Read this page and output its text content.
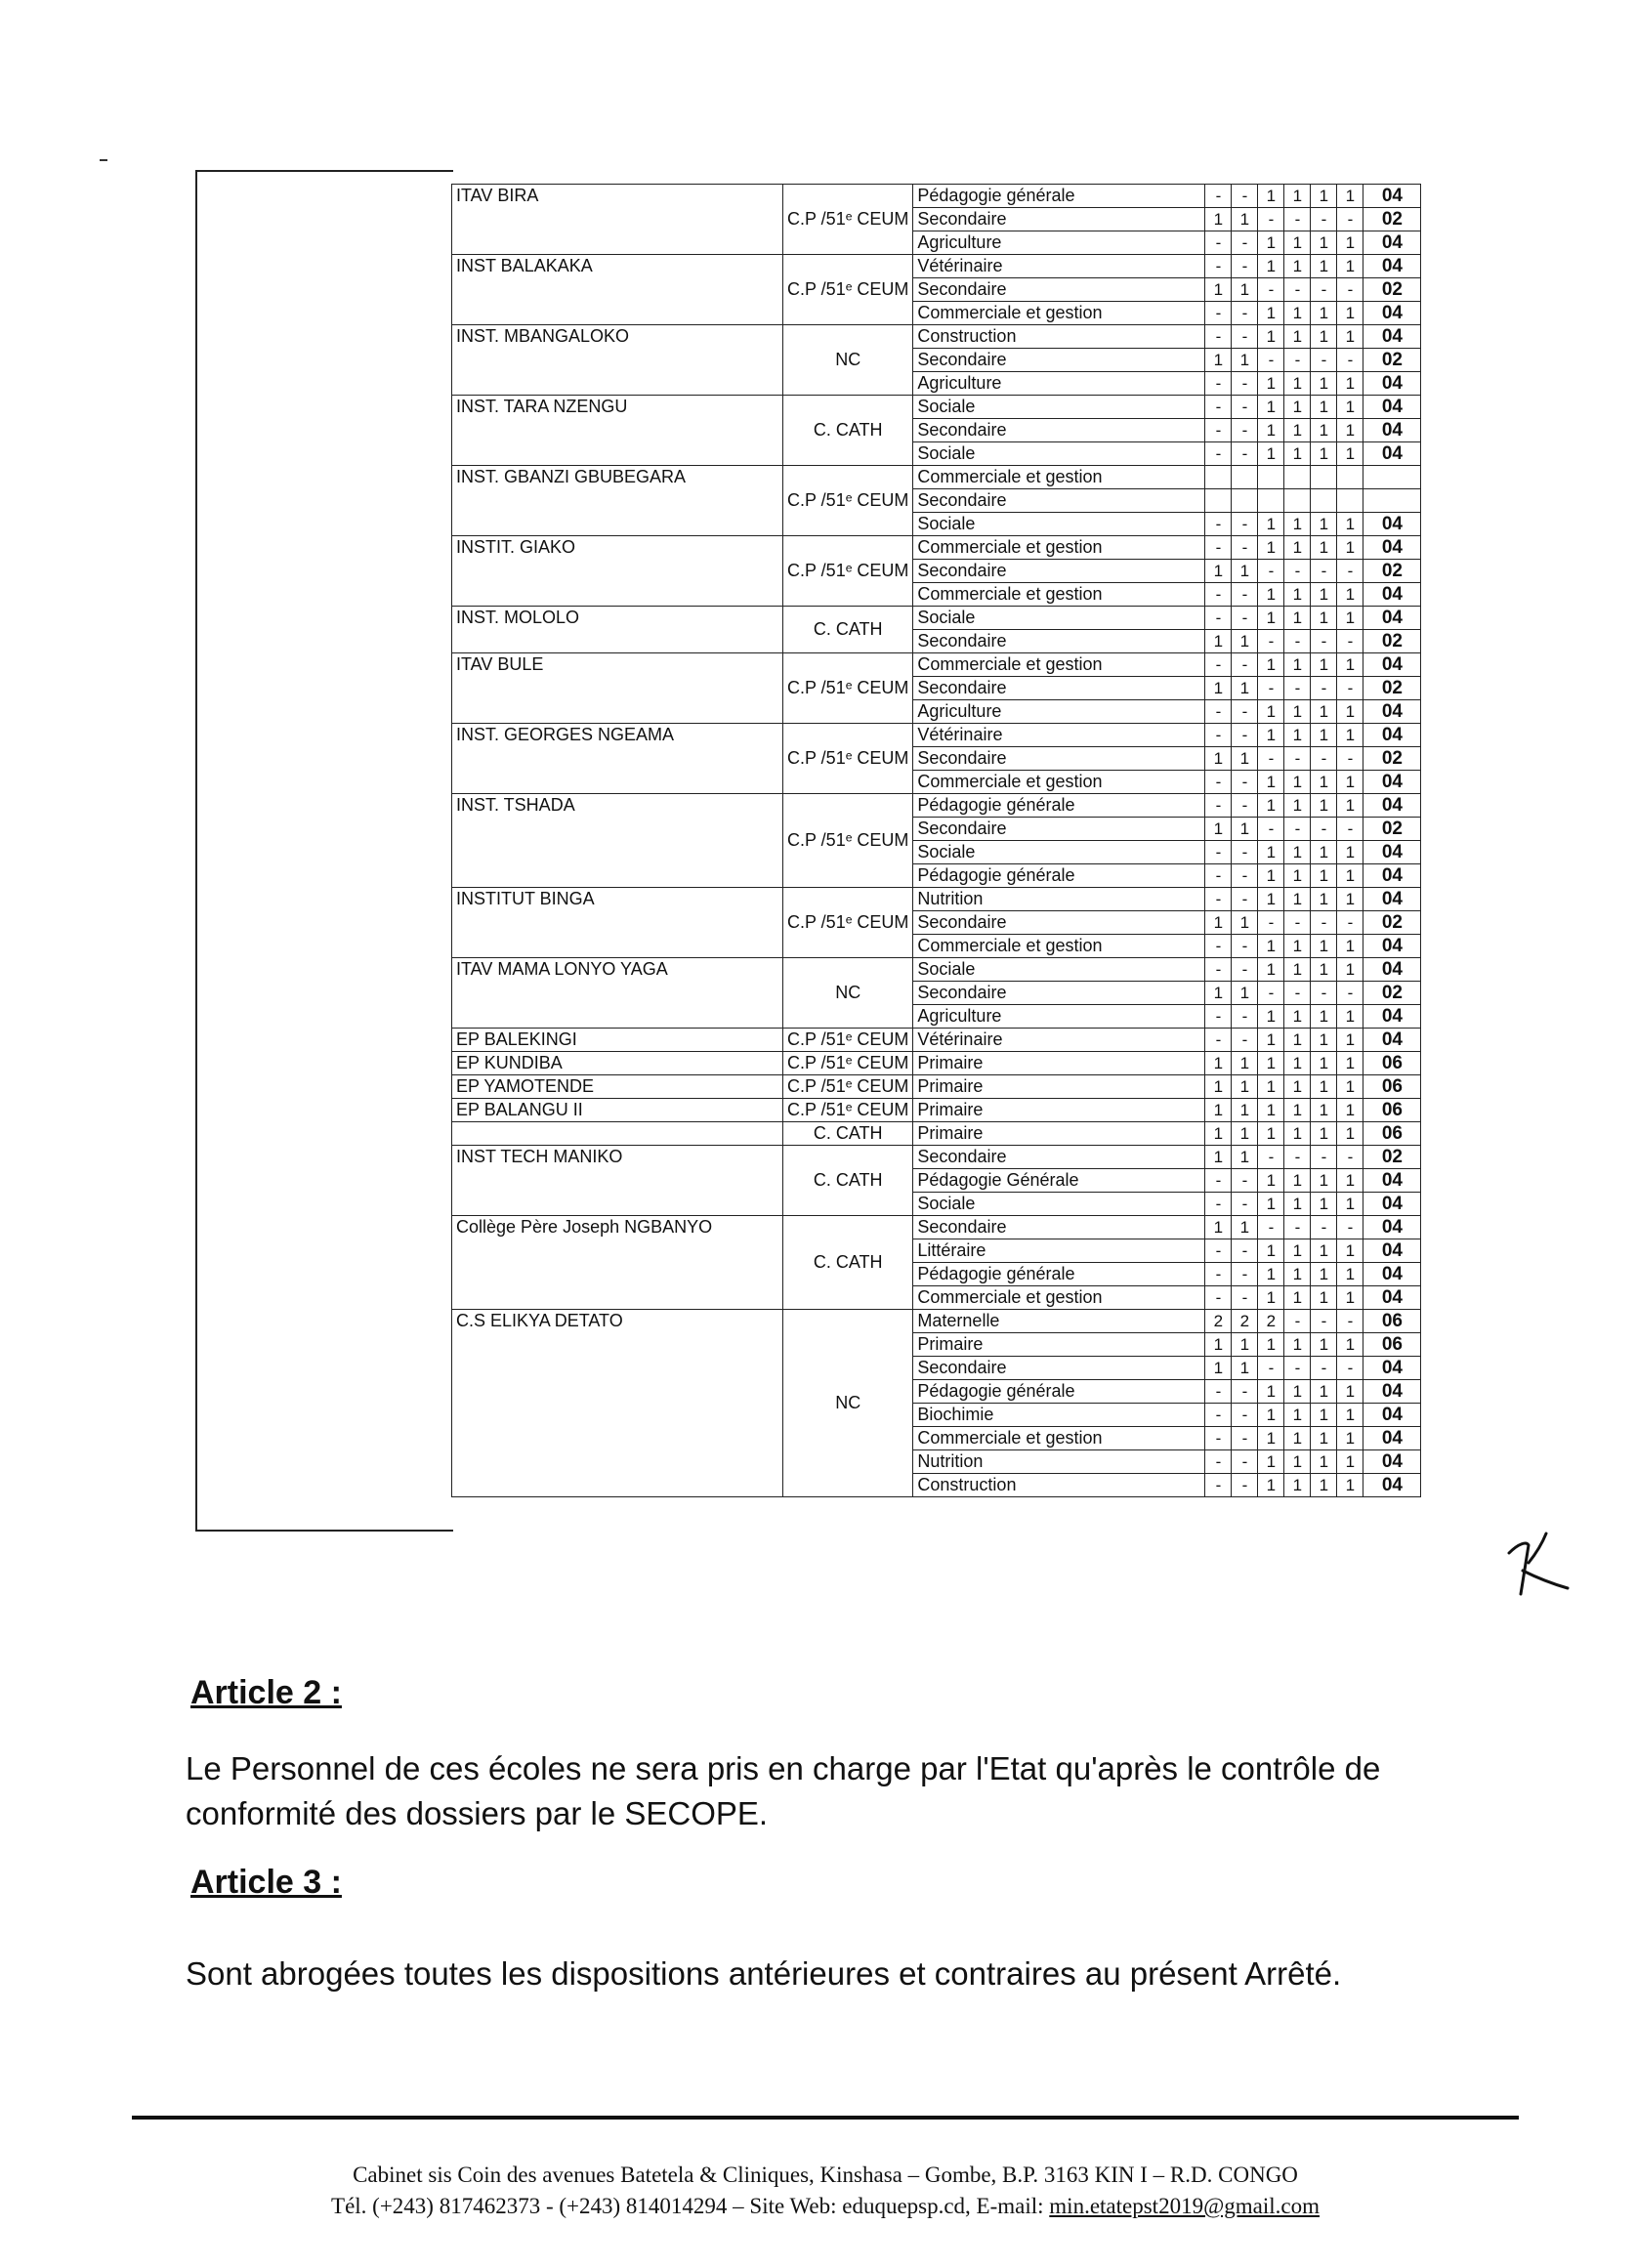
ITAV BIRA	C.P /51ᵉ CEUM	Pédagogie générale	-	-	1	1	1	1	04
		Secondaire	1	1	-	-	-	-	02
		Agriculture	-	-	1	1	1	1	04
INST BALAKAKA	C.P /51ᵉ CEUM	Vétérinaire	-	-	1	1	1	1	04
		Secondaire	1	1	-	-	-	-	02
		Commerciale et gestion	-	-	1	1	1	1	04
INST. MBANGALOKO	NC	Construction	-	-	1	1	1	1	04
		Secondaire	1	1	-	-	-	-	02
		Agriculture	-	-	1	1	1	1	04
INST. TARA NZENGU	C. CATH	Sociale	-	-	1	1	1	1	04
		Secondaire	-	-	1	1	1	1	04
		Sociale	-	-	1	1	1	1	04
INST. GBANZI GBUBEGARA	C.P /51ᵉ CEUM	Commerciale et gestion							
		Secondaire							
		Sociale	-	-	1	1	1	1	04
INSTIT. GIAKO	C.P /51ᵉ CEUM	Commerciale et gestion	-	-	1	1	1	1	04
		Secondaire	1	1	-	-	-	-	02
		Commerciale et gestion	-	-	1	1	1	1	04
INST. MOLOLO	C. CATH	Sociale	-	-	1	1	1	1	04
		Secondaire	1	1	-	-	-	-	02
ITAV BULE	C.P /51ᵉ CEUM	Commerciale et gestion	-	-	1	1	1	1	04
		Secondaire	1	1	-	-	-	-	02
		Agriculture	-	-	1	1	1	1	04
INST. GEORGES NGEAMA	C.P /51ᵉ CEUM	Vétérinaire	-	-	1	1	1	1	04
		Secondaire	1	1	-	-	-	-	02
		Commerciale et gestion	-	-	1	1	1	1	04
INST. TSHADA	C.P /51ᵉ CEUM	Pédagogie générale	-	-	1	1	1	1	04
		Secondaire	1	1	-	-	-	-	02
		Sociale	-	-	1	1	1	1	04
		Pédagogie générale	-	-	1	1	1	1	04
INSTITUT BINGA	C.P /51ᵉ CEUM	Nutrition	-	-	1	1	1	1	04
		Secondaire	1	1	-	-	-	-	02
		Commerciale et gestion	-	-	1	1	1	1	04
ITAV MAMA LONYO YAGA	NC	Sociale	-	-	1	1	1	1	04
		Secondaire	1	1	-	-	-	-	02
		Agriculture	-	-	1	1	1	1	04
EP BALEKINGI	C.P /51ᵉ CEUM	Vétérinaire	-	-	1	1	1	1	04
EP KUNDIBA	C.P /51ᵉ CEUM	Primaire	1	1	1	1	1	1	06
EP YAMOTENDE	C.P /51ᵉ CEUM	Primaire	1	1	1	1	1	1	06
EP BALANGU II	C.P /51ᵉ CEUM	Primaire	1	1	1	1	1	1	06
	C. CATH	Primaire	1	1	1	1	1	1	06
INST TECH MANIKO	C. CATH	Secondaire	1	1	-	-	-	-	02
		Pédagogie Générale	-	-	1	1	1	1	04
		Sociale	-	-	1	1	1	1	04
Collège Père Joseph NGBANYO	C. CATH	Secondaire	1	1	-	-	-	-	04
		Littéraire	-	-	1	1	1	1	04
		Pédagogie générale	-	-	1	1	1	1	04
		Commerciale et gestion	-	-	1	1	1	1	04
C.S ELIKYA DETATO	NC	Maternelle	2	2	2	-	-	-	06
		Primaire	1	1	1	1	1	1	06
		Secondaire	1	1	-	-	-	-	04
		Pédagogie générale	-	-	1	1	1	1	04
		Biochimie	-	-	1	1	1	1	04
		Commerciale et gestion	-	-	1	1	1	1	04
		Nutrition	-	-	1	1	1	1	04
		Construction	-	-	1	1	1	1	04
Article 2 :
Le Personnel de ces écoles ne sera pris en charge par l'Etat qu'après le contrôle de conformité des dossiers par le SECOPE.
Article 3 :
Sont abrogées toutes les dispositions antérieures et contraires au présent Arrêté.
Cabinet sis Coin des avenues Batetela & Cliniques, Kinshasa – Gombe, B.P. 3163 KIN I – R.D. CONGO
Tél. (+243) 817462373 - (+243) 814014294 – Site Web: eduquepsp.cd, E-mail: min.etatepst2019@gmail.com
